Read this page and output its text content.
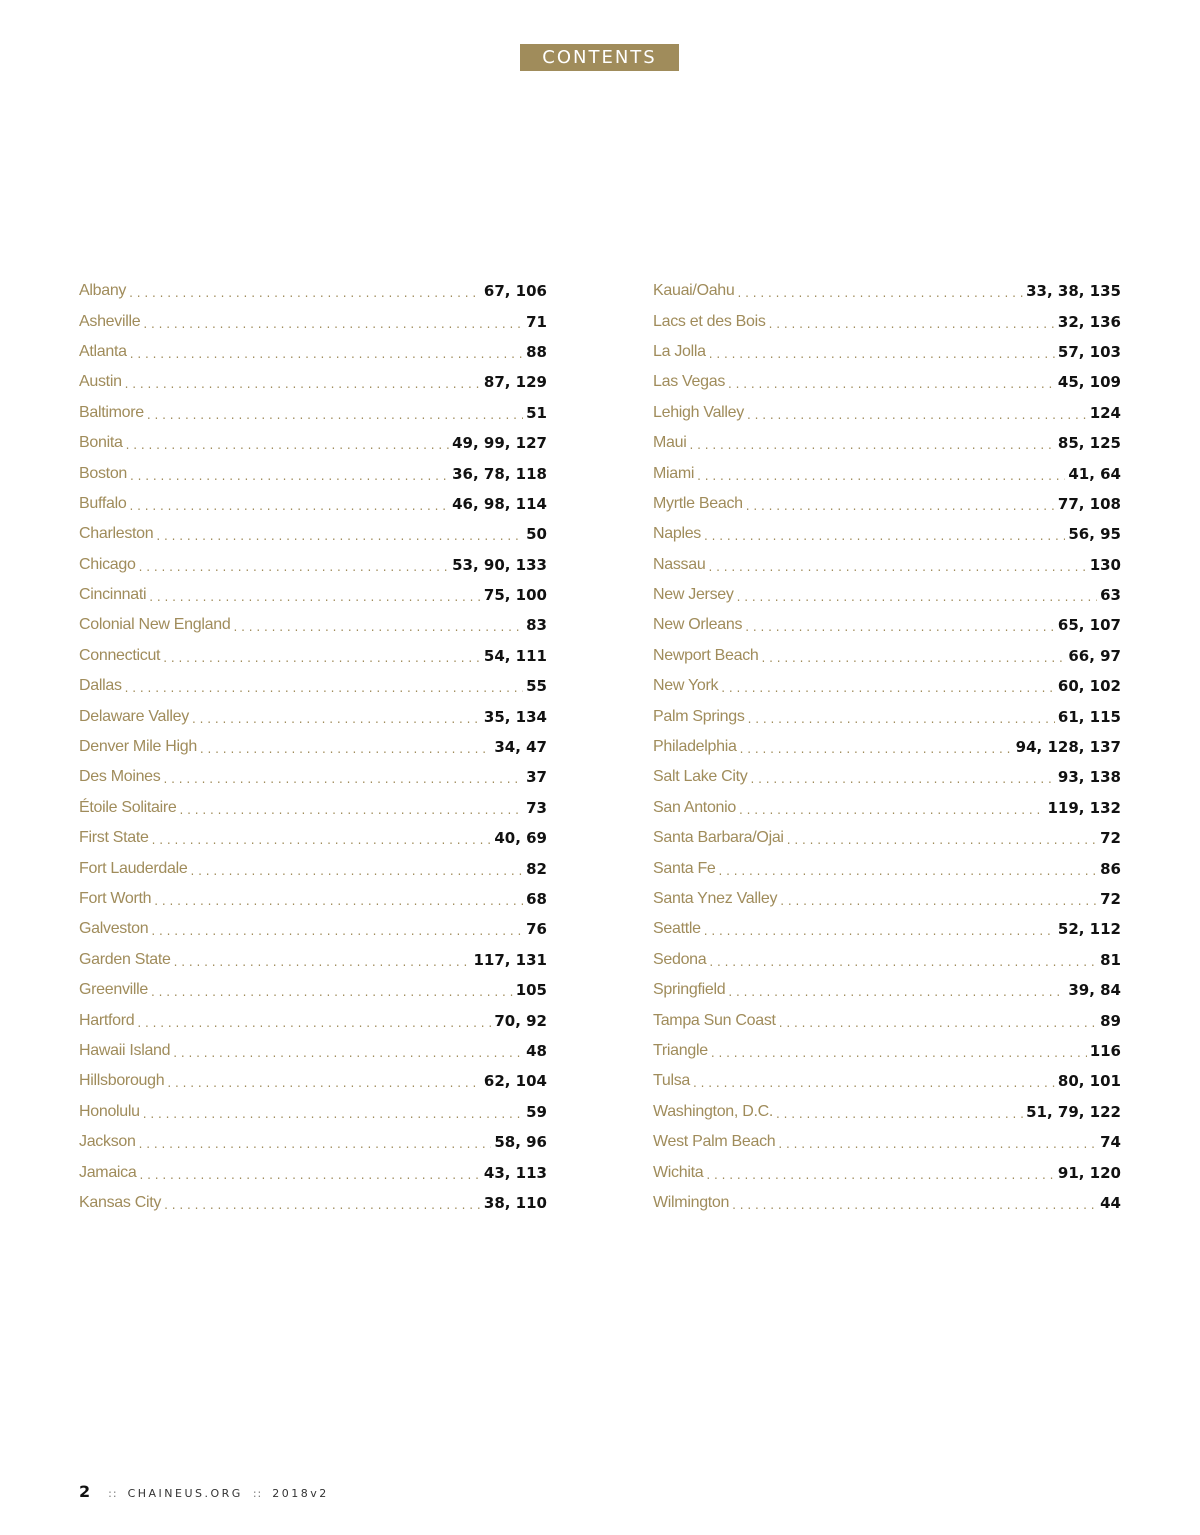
CONTENTS
Albany . . .	67, 106
Asheville . . .	71
Atlanta . . .	88
Austin . . .	87, 129
Baltimore . . .	51
Bonita . . .	49, 99, 127
Boston . . .	36, 78, 118
Buffalo . . .	46, 98, 114
Charleston . . .	50
Chicago . . .	53, 90, 133
Cincinnati . . .	75, 100
Colonial New England . . .	83
Connecticut . . .	54, 111
Dallas . . .	55
Delaware Valley . . .	35, 134
Denver Mile High . . .	34, 47
Des Moines . . .	37
Étoile Solitaire . . .	73
First State . . .	40, 69
Fort Lauderdale . . .	82
Fort Worth . . .	68
Galveston . . .	76
Garden State . . .	117, 131
Greenville . . .	105
Hartford . . .	70, 92
Hawaii Island . . .	48
Hillsborough . . .	62, 104
Honolulu . . .	59
Jackson . . .	58, 96
Jamaica . . .	43, 113
Kansas City . . .	38, 110
Kauai/Oahu . . .	33, 38, 135
Lacs et des Bois . . .	32, 136
La Jolla . . .	57, 103
Las Vegas . . .	45, 109
Lehigh Valley . . .	124
Maui . . .	85, 125
Miami . . .	41, 64
Myrtle Beach . . .	77, 108
Naples . . .	56, 95
Nassau . . .	130
New Jersey . . .	63
New Orleans . . .	65, 107
Newport Beach . . .	66, 97
New York . . .	60, 102
Palm Springs . . .	61, 115
Philadelphia . . .	94, 128, 137
Salt Lake City . . .	93, 138
San Antonio . . .	119, 132
Santa Barbara/Ojai . . .	72
Santa Fe . . .	86
Santa Ynez Valley . . .	72
Seattle . . .	52, 112
Sedona . . .	81
Springfield . . .	39, 84
Tampa Sun Coast . . .	89
Triangle . . .	116
Tulsa . . .	80, 101
Washington, D.C. . . .	51, 79, 122
West Palm Beach . . .	74
Wichita . . .	91, 120
Wilmington . . .	44
2 :: CHAINEUS.ORG :: 2018v2
